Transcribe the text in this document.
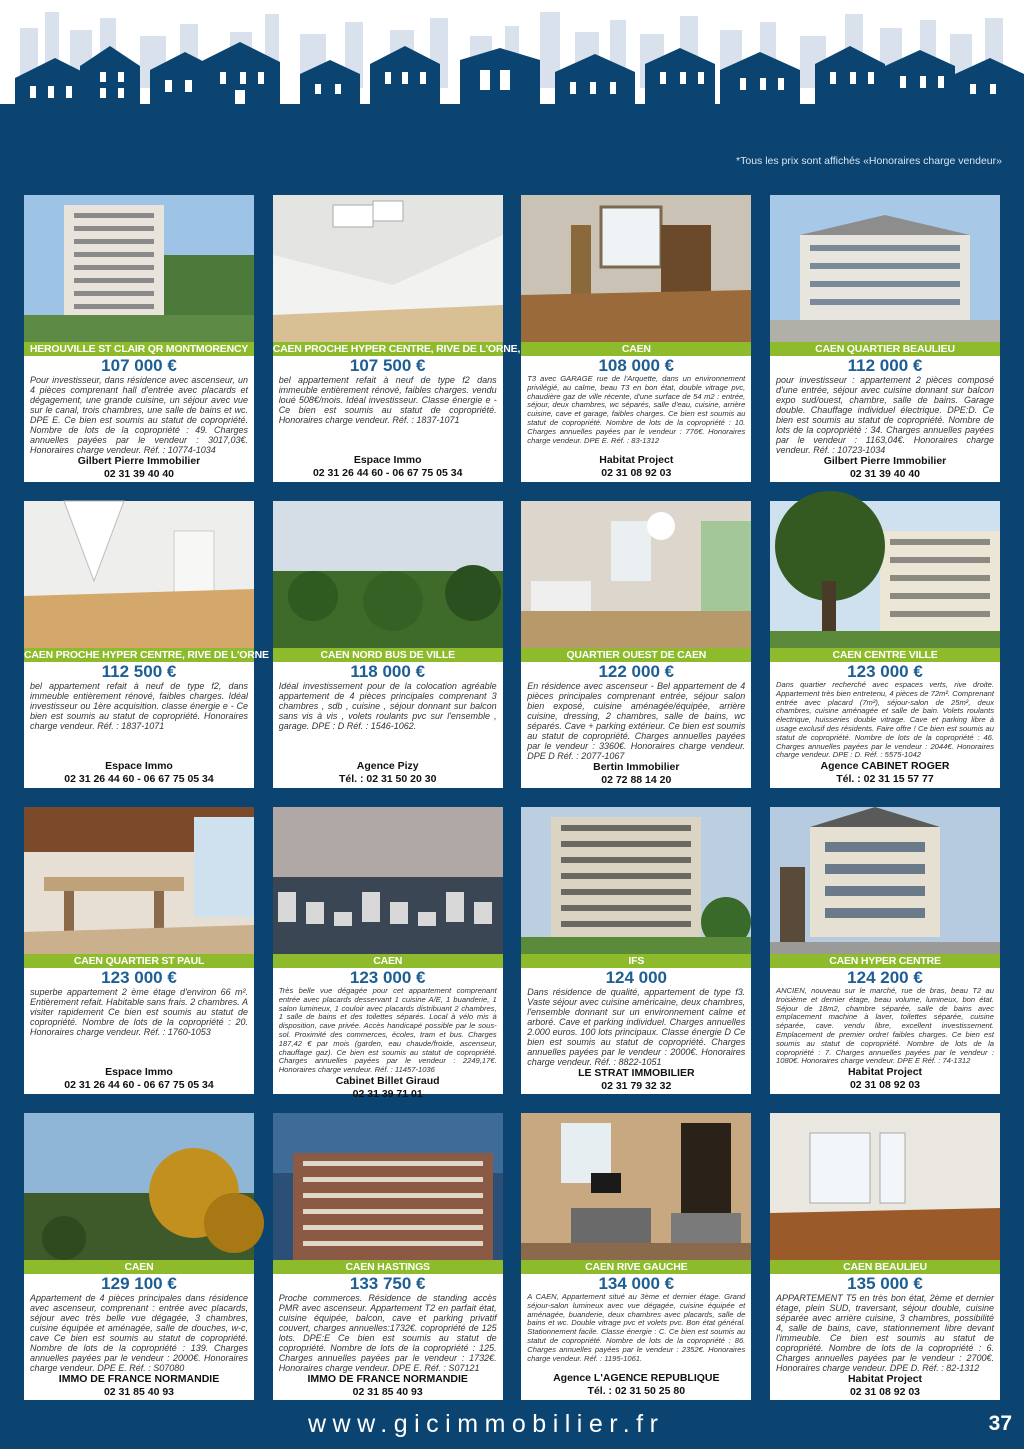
*Tous les prix sont affichés «Honoraires charge vendeur»
HEROUVILLE ST CLAIR QR MONTMORENCY
107 000 €
Pour investisseur, dans résidence avec ascenseur, un 4 pièces comprenant hall d'entrée avec placards et dégagement, une grande cuisine, un séjour avec vue sur le canal, trois chambres, une salle de bains et wc. DPE E. Ce bien est soumis au statut de copropriété. Nombre de lots de la copropriété : 49. Charges annuelles payées par le vendeur : 3017,03€. Honoraires charge vendeur. Réf. : 10774-1034
Gilbert Pierre Immobilier
02 31 39 40 40
CAEN PROCHE HYPER CENTRE, RIVE DE L'ORNE,
107 500 €
bel appartement refait à neuf de type f2 dans immeuble entièrement rénové, faibles charges. vendu loué 508€/mois. Idéal investisseur. Classe énergie e - Ce bien est soumis au statut de copropriété. Honoraires charge vendeur. Réf. : 1837-1071
Espace Immo
02 31 26 44 60 - 06 67 75 05 34
CAEN
108 000 €
T3 avec GARAGE rue de l'Arquette, dans un environnement privilégié, au calme, beau T3 en bon état, double vitrage pvc, chaudière gaz de ville récente, d'une surface de 54 m2 : entrée, séjour, deux chambres, wc séparés, salle d'eau, cuisine, arrière cuisine, cave et garage, faibles charges. Ce bien est soumis au statut de copropriété. Nombre de lots de la copropriété : 10. Charges annuelles payées par le vendeur : 776€. Honoraires charge vendeur. DPE E. Réf. : 83-1312
Habitat Project
02 31 08 92 03
CAEN QUARTIER BEAULIEU
112 000 €
pour investisseur : appartement 2 pièces composé d'une entrée, séjour avec cuisine donnant sur balcon expo sud/ouest, chambre, salle de bains. Garage double. Chauffage individuel électrique. DPE:D. Ce bien est soumis au statut de copropriété. Nombre de lots de la copropriété : 34. Charges annuelles payées par le vendeur : 1163,04€. Honoraires charge vendeur. Réf. : 10723-1034
Gilbert Pierre Immobilier
02 31 39 40 40
CAEN PROCHE HYPER CENTRE, RIVE DE L'ORNE
112 500 €
bel appartement refait à neuf de type f2, dans immeuble entièrement rénové, faibles charges. Idéal investisseur ou 1ère acquisition. classe énergie e - Ce bien est soumis au statut de copropriété. Honoraires charge vendeur. Réf. : 1837-1071
Espace Immo
02 31 26 44 60 - 06 67 75 05 34
CAEN NORD BUS DE VILLE
118 000 €
Idéal investissement pour de la colocation agréable appartement de 4 pièces principales comprenant 3 chambres , sdb , cuisine , séjour donnant sur balcon sans vis à vis , volets roulants pvc sur l'ensemble , garage. DPE : D Réf. : 1546-1062.
Agence Pizy
Tél. : 02 31 50 20 30
QUARTIER OUEST DE CAEN
122 000 €
En résidence avec ascenseur - Bel appartement de 4 pièces principales comprenant entrée, séjour salon bien exposé, cuisine aménagée/équipée, arrière cuisine, dressing, 2 chambres, salle de bains, wc séparés. Cave + parking extérieur. Ce bien est soumis au statut de copropriété. Charges annuelles payées par le vendeur : 3360€. Honoraires charge vendeur. DPE D Réf. : 2077-1067
Bertin Immobilier
02 72 88 14 20
CAEN CENTRE VILLE
123 000 €
Dans quartier recherché avec espaces verts, rive droite. Appartement très bien entretenu, 4 pièces de 72m². Comprenant entrée avec placard (7m²), séjour-salon de 25m², deux chambres, cuisine aménagée et salle de bain. Volets roulants électrique, huisseries double vitrage. Cave et parking libre à usage exclusif des résidents. Faire offre ! Ce bien est soumis au statut de copropriété. Nombre de lots de la copropriété : 46. Charges annuelles payées par le vendeur : 2044€. Honoraires charge vendeur. DPE : D. Réf. : 5575-1042
Agence CABINET ROGER
Tél. : 02 31 15 57 77
CAEN QUARTIER ST PAUL
123 000 €
superbe appartement 2 ème étage d'environ 66 m². Entièrement refait. Habitable sans frais. 2 chambres. A visiter rapidement Ce bien est soumis au statut de copropriété. Nombre de lots de la copropriété : 20. Honoraires charge vendeur. Réf. : 1760-1053
Espace Immo
02 31 26 44 60 - 06 67 75 05 34
CAEN
123 000 €
Très belle vue dégagée pour cet appartement comprenant entrée avec placards desservant 1 cuisine A/E, 1 buanderie, 1 salon lumineux, 1 couloir avec placards distribuant 2 chambres, 1 salle de bains et des toilettes séparés. Local à vélo mis à disposition, cave privée. Accès handicapé possible par le sous-sol. Proximité des commerces, écoles, tram et bus. Charges 187,42 € par mois (garden, eau chaude/froide, ascenseur, chauffage gaz). Ce bien est soumis au statut de copropriété. Charges annuelles payées par le vendeur : 2249,17€. Honoraires charge vendeur. Réf. : 11457-1036
Cabinet Billet Giraud
02 31 39 71 01
IFS
124 000
Dans résidence de qualité, appartement de type f3. Vaste séjour avec cuisine américaine, deux chambres, l'ensemble donnant sur un environnement calme et arboré. Cave et parking individuel. Charges annuelles 2.000 euros. 100 lots principaux. Classe énergie D Ce bien est soumis au statut de copropriété. Charges annuelles payées par le vendeur : 2000€. Honoraires charge vendeur. Réf. : 8822-1051
LE STRAT IMMOBILIER
02 31 79 32 32
CAEN HYPER CENTRE
124 200 €
ANCIEN, nouveau sur le marché, rue de bras, beau T2 au troisième et dernier étage, beau volume, lumineux, bon état. Séjour de 18m2, chambre séparée, salle de bains avec emplacement machine à laver, toilettes séparée, cuisine séparée, cave. vendu libre, excellent investissement. Emplacement de premier ordre! faibles charges. Ce bien est soumis au statut de copropriété. Nombre de lots de la copropriété : 7. Charges annuelles payées par le vendeur : 1080€. Honoraires charge vendeur. DPE E Réf. : 74-1312
Habitat Project
02 31 08 92 03
CAEN
129 100 €
Appartement de 4 pièces principales dans résidence avec ascenseur, comprenant : entrée avec placards, séjour avec très belle vue dégagée, 3 chambres, cuisine équipée et aménagée, salle de douches, w-c, cave Ce bien est soumis au statut de copropriété. Nombre de lots de la copropriété : 139. Charges annuelles payées par le vendeur : 2000€. Honoraires charge vendeur. DPE E. Réf. : S07080
IMMO DE FRANCE NORMANDIE
02 31 85 40 93
CAEN HASTINGS
133 750 €
Proche commerces. Résidence de standing accès PMR avec ascenseur. Appartement T2 en parfait état, cuisine équipée, balcon, cave et parking privatif couvert, charges annuelles:1732€. copropriété de 125 lots. DPE:E Ce bien est soumis au statut de copropriété. Nombre de lots de la copropriété : 125. Charges annuelles payées par le vendeur : 1732€. Honoraires charge vendeur. DPE E. Réf. : S07121
IMMO DE FRANCE NORMANDIE
02 31 85 40 93
CAEN RIVE GAUCHE
134 000 €
A CAEN, Appartement situé au 3ème et dernier étage. Grand séjour-salon lumineux avec vue dégagée, cuisine équipée et aménagée, buanderie, deux chambres avec placards, salle de bains et wc. Double vitrage pvc et volets pvc. Bon état général. Stationnement facile. Classe énergie : C. Ce bien est soumis au statut de copropriété. Nombre de lots de la copropriété : 86. Charges annuelles payées par le vendeur : 2352€. Honoraires charge vendeur. Réf. : 1195-1061.
Agence L'AGENCE REPUBLIQUE
Tél. : 02 31 50 25 80
CAEN BEAULIEU
135 000 €
APPARTEMENT T5 en très bon état, 2ème et dernier étage, plein SUD, traversant, séjour double, cuisine séparée avec arrière cuisine, 3 chambres, possibilité 4, salle de bains, cave, stationnement libre devant l'immeuble. Ce bien est soumis au statut de copropriété. Nombre de lots de la copropriété : 6. Charges annuelles payées par le vendeur : 2700€. Honoraires charge vendeur. DPE D. Réf. : 82-1312
Habitat Project
02 31 08 92 03
www.gicimmobilier.fr	37
